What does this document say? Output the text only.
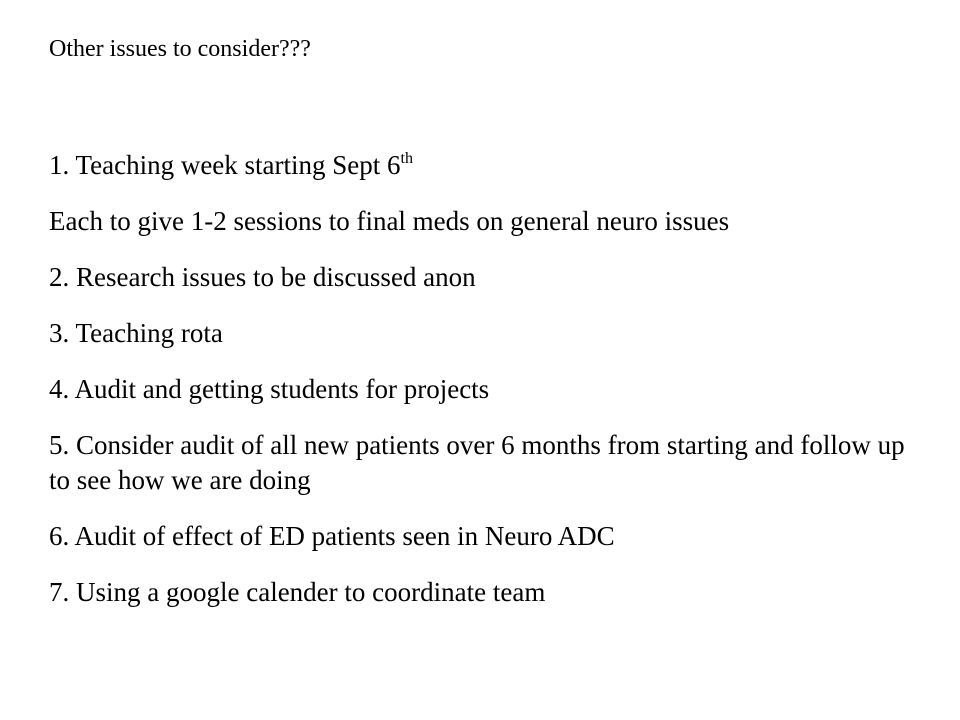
Other issues to consider???
1. Teaching week starting Sept 6th
Each to give 1-2 sessions to final meds on general neuro issues
2. Research issues to be discussed anon
3. Teaching rota
4. Audit and getting students for projects
5. Consider audit of all new patients over 6 months from starting and follow up to see how we are doing
6. Audit of effect of ED patients seen in Neuro ADC
7. Using a google calender to coordinate team
